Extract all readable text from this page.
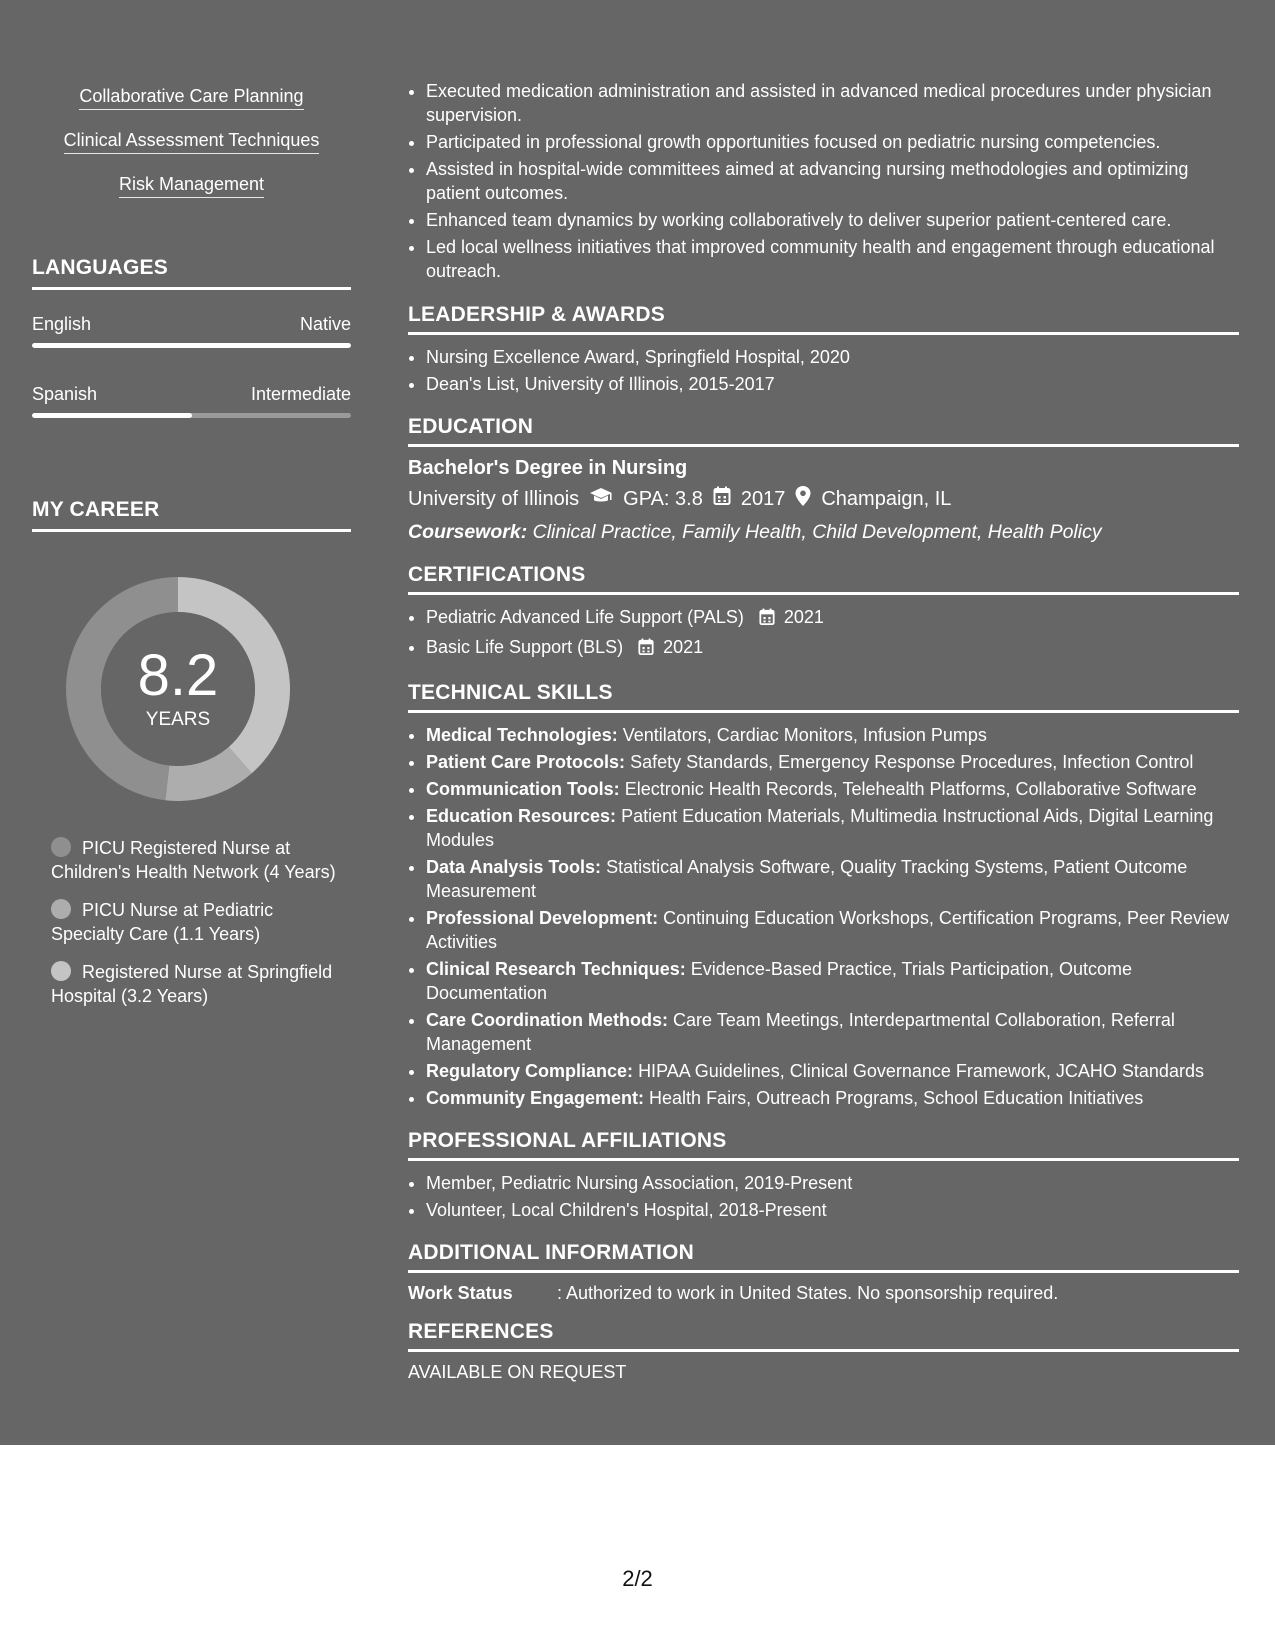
Collaborative Care Planning
Clinical Assessment Techniques
Risk Management
LANGUAGES
English	Native
Spanish	Intermediate
MY CAREER
8.2
YEARS
PICU Registered Nurse at Children's Health Network (4 Years)
PICU Nurse at Pediatric Specialty Care (1.1 Years)
Registered Nurse at Springfield Hospital (3.2 Years)
• Executed medication administration and assisted in advanced medical procedures under physician supervision.
• Participated in professional growth opportunities focused on pediatric nursing competencies.
• Assisted in hospital-wide committees aimed at advancing nursing methodologies and optimizing patient outcomes.
• Enhanced team dynamics by working collaboratively to deliver superior patient-centered care.
• Led local wellness initiatives that improved community health and engagement through educational outreach.
LEADERSHIP & AWARDS
• Nursing Excellence Award, Springfield Hospital, 2020
• Dean's List, University of Illinois, 2015-2017
EDUCATION
Bachelor's Degree in Nursing
University of Illinois GPA: 3.8 2017 Champaign, IL
Coursework: Clinical Practice, Family Health, Child Development, Health Policy
CERTIFICATIONS
• Pediatric Advanced Life Support (PALS) 2021
• Basic Life Support (BLS) 2021
TECHNICAL SKILLS
• Medical Technologies: Ventilators, Cardiac Monitors, Infusion Pumps
• Patient Care Protocols: Safety Standards, Emergency Response Procedures, Infection Control
• Communication Tools: Electronic Health Records, Telehealth Platforms, Collaborative Software
• Education Resources: Patient Education Materials, Multimedia Instructional Aids, Digital Learning Modules
• Data Analysis Tools: Statistical Analysis Software, Quality Tracking Systems, Patient Outcome Measurement
• Professional Development: Continuing Education Workshops, Certification Programs, Peer Review Activities
• Clinical Research Techniques: Evidence-Based Practice, Trials Participation, Outcome Documentation
• Care Coordination Methods: Care Team Meetings, Interdepartmental Collaboration, Referral Management
• Regulatory Compliance: HIPAA Guidelines, Clinical Governance Framework, JCAHO Standards
• Community Engagement: Health Fairs, Outreach Programs, School Education Initiatives
PROFESSIONAL AFFILIATIONS
• Member, Pediatric Nursing Association, 2019-Present
• Volunteer, Local Children's Hospital, 2018-Present
ADDITIONAL INFORMATION
Work Status	: Authorized to work in United States. No sponsorship required.
REFERENCES
AVAILABLE ON REQUEST
2/2
